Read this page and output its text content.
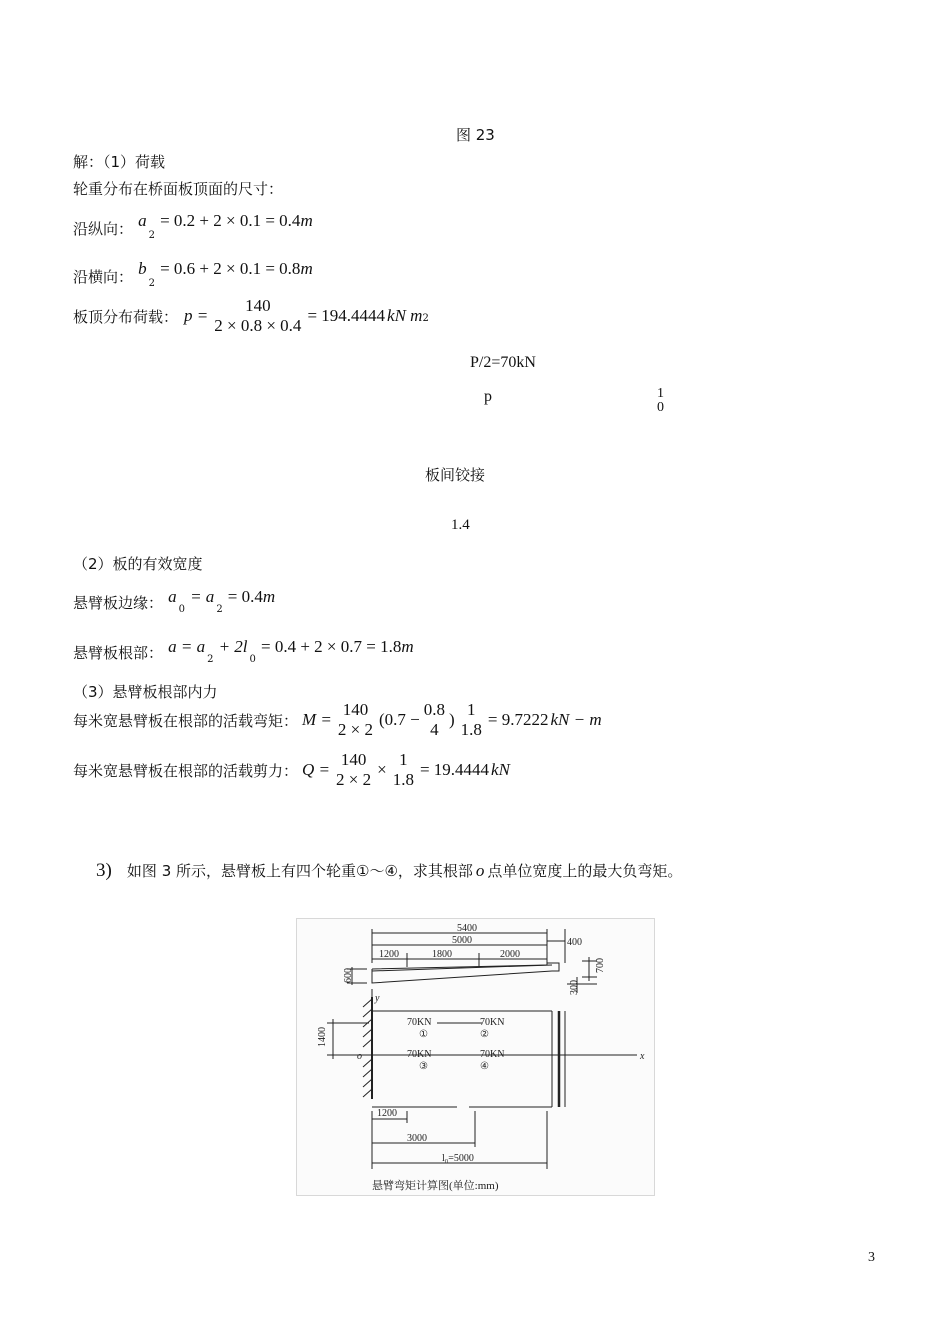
图 23
解：（1）荷载
轮重分布在桥面板顶面的尺寸：
沿纵向： $a_2 = 0.2 + 2 \times 0.1 = 0.4m$
沿横向： $b_2 = 0.6 + 2 \times 0.1 = 0.8m$
板顶分布荷载： p =
140
2 × 0.8 × 0.4
= 194.4444 kN m 2
P/2=70kN
p	1
0
板间铰接
1.4
（2）板的有效宽度
悬臂板边缘： $a_0 = a_2 = 0.4m$
悬臂板根部： $a = a_2 + 2l_0 = 0.4 + 2 \times 0.7 = 1.8m$
（3）悬臂板根部内力
每米宽悬臂板在根部的活载弯矩： M =
140
2 × 2
(0.7 −
0.8
4
)
1
1.8
= 9.7222 kN − m
每米宽悬臂板在根部的活载剪力： Q =
140
2 × 2
×
1
1.8
= 19.4444 kN
3) 如图 3 所示，悬臂板上有四个轮重①～④，求其根部 o 点单位宽度上的最大负弯矩。
5400
5000	400
1200	1800	2000
600
700
300
1400
y
x
o
70KN	70KN
70KN	70KN
①	②
③	④
1200
3000
l₀=5000
悬臂弯矩计算图(单位:mm)
3
